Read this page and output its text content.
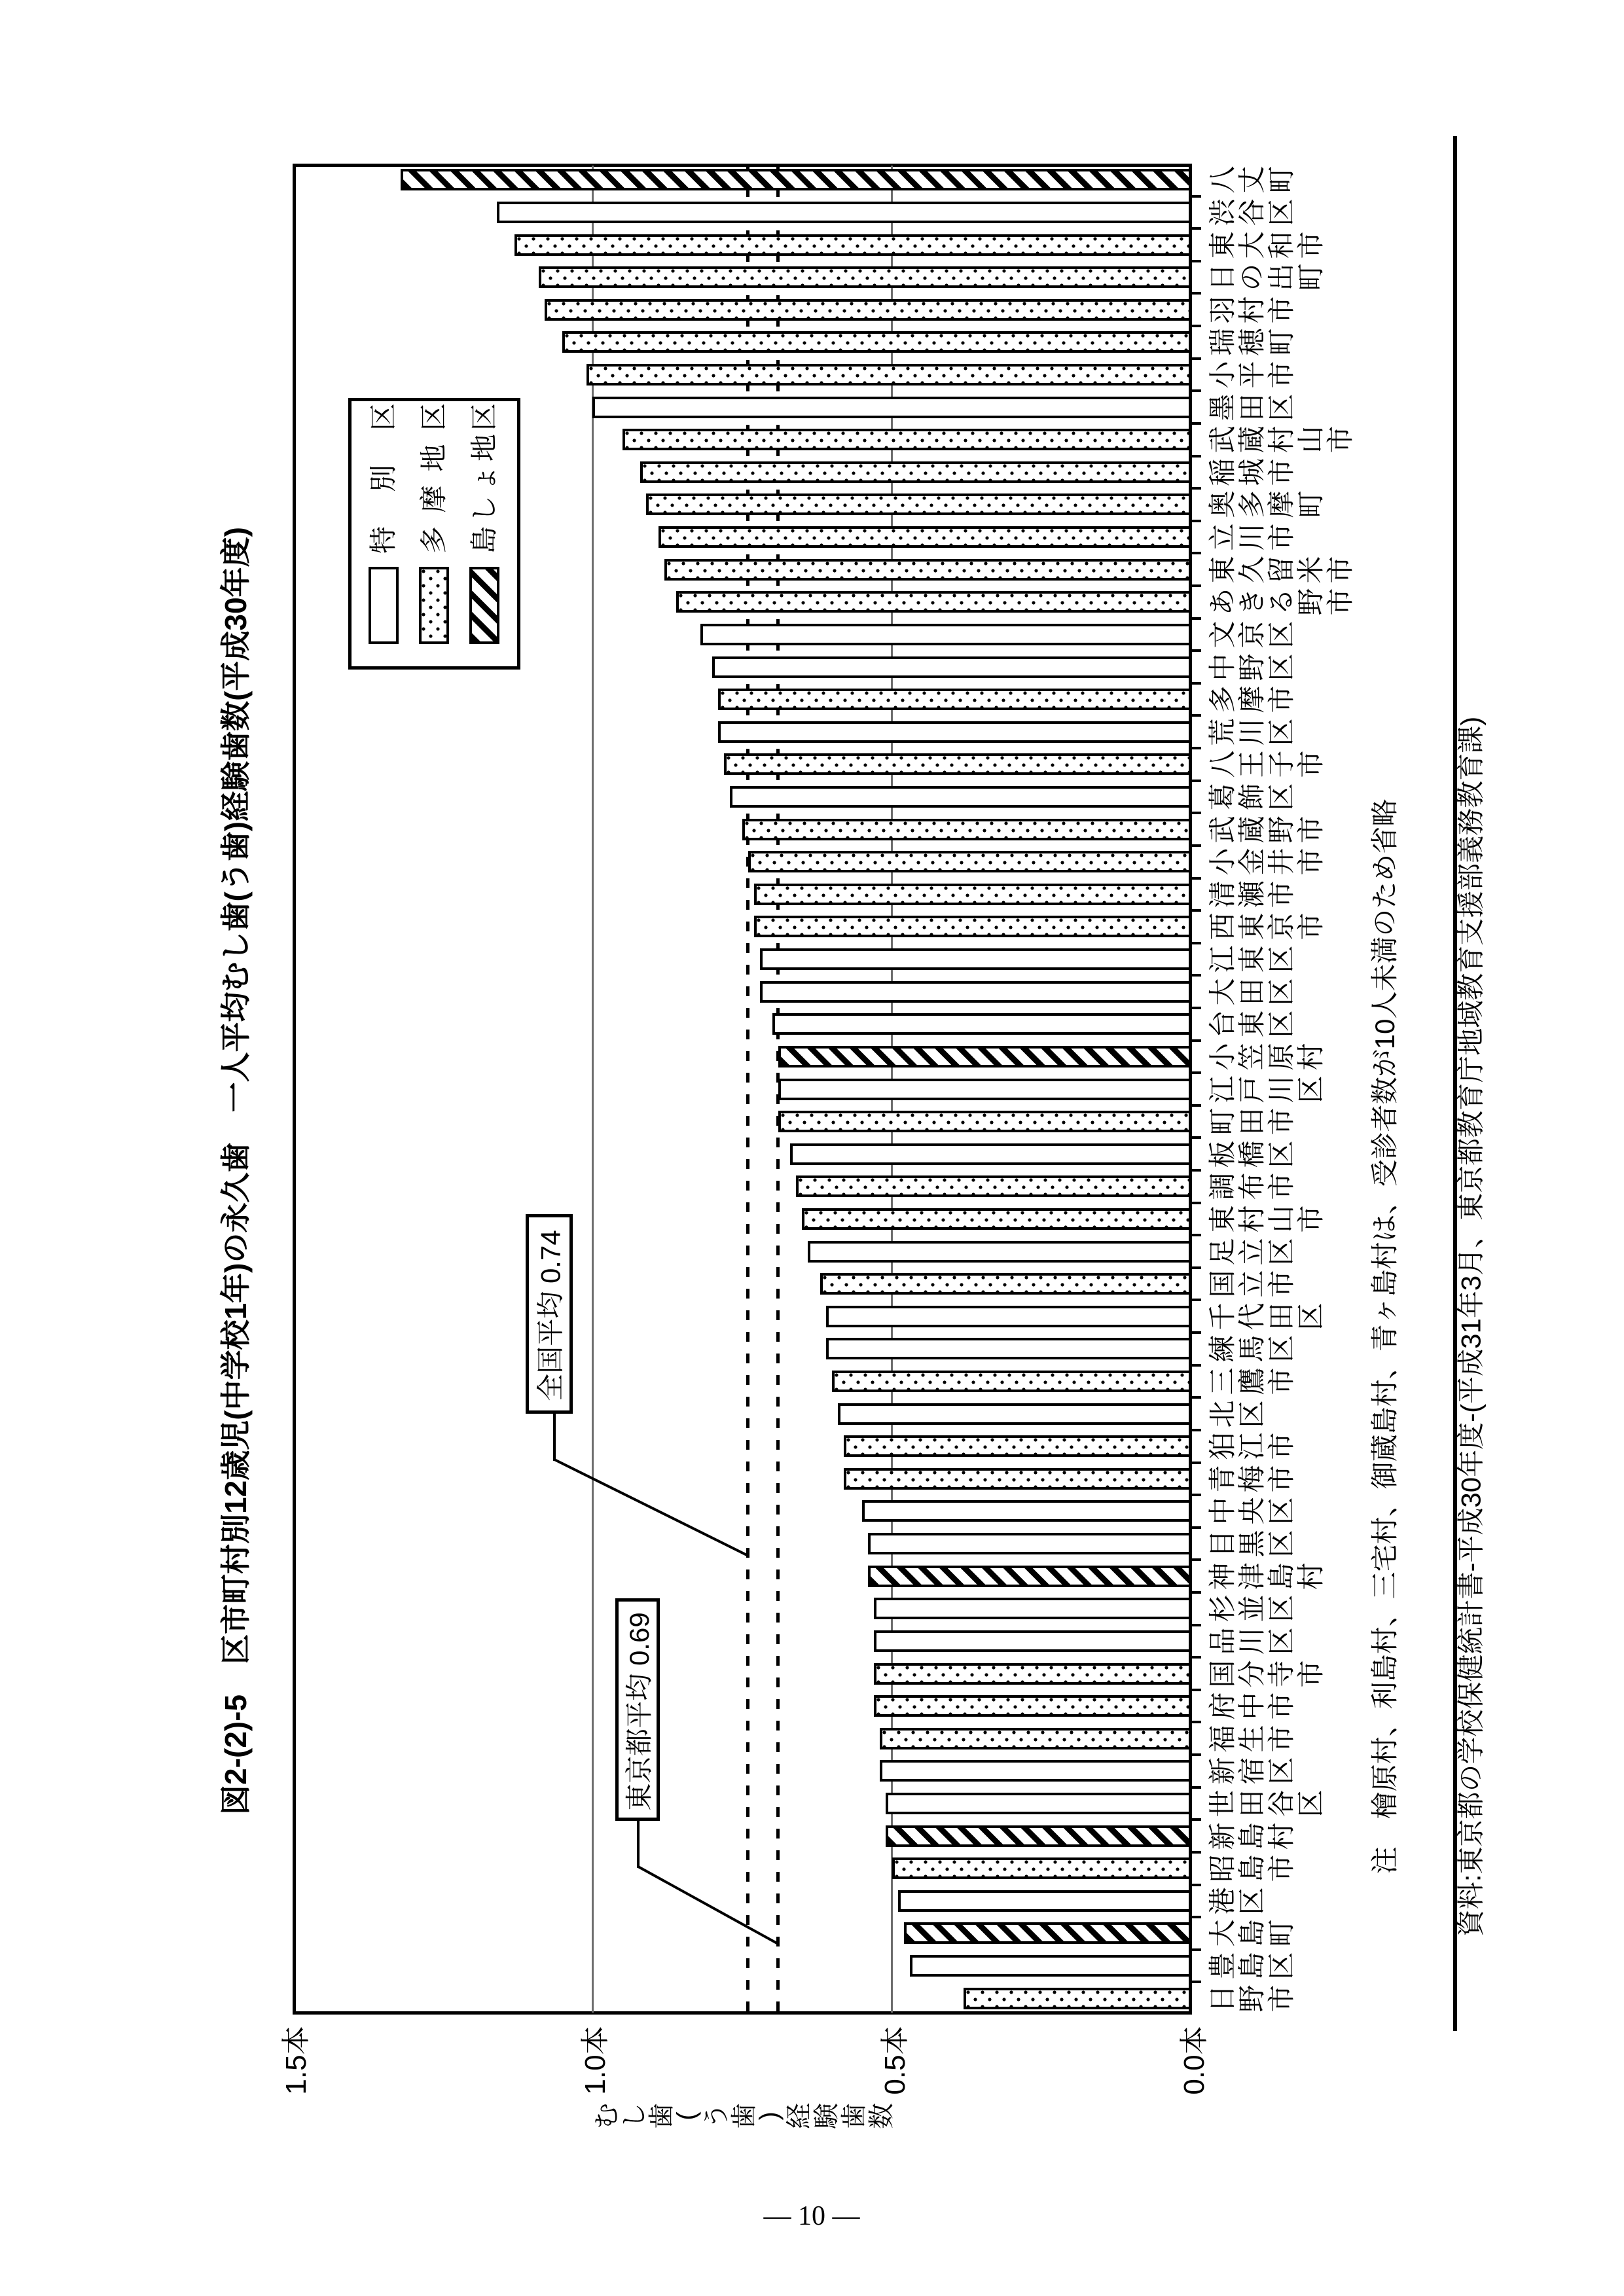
図2-(2)-5　区市町村別12歳児(中学校1年)の永久歯　一人平均むし歯(う歯)経験歯数(平成30年度)
八
丈
町
渋
谷
区
東
大
和
市
日
の
出
町
羽
村
市
瑞
穂
町
小
平
市
墨
田
区
武
蔵
村
山
市
稲
城
市
奥
多
摩
町
立
川
市
東
久
留
米
市
あ
き
る
野
市
文
京
区
中
野
区
多
摩
市
荒
川
区
八
王
子
市
葛
飾
区
武
蔵
野
市
小
金
井
市
清
瀬
市
西
東
京
市
江
東
区
大
田
区
台
東
区
小
笠
原
村
江
戸
川
区
町
田
市
板
橋
区
調
布
市
東
村
山
市
足
立
区
国
立
市
千
代
田
区
練
馬
区
三
鷹
市
北
区
狛
江
市
青
梅
市
中
央
区
目
黒
区
神
津
島
村
杉
並
区
品
川
区
国
分
寺
市
府
中
市
福
生
市
新
宿
区
世
田
谷
区
新
島
村
昭
島
市
港
区
大
島
町
豊
島
区
日
野
市
0.0本
0.5本
1.0本
1.5本
む
し
歯
( う
歯
) 経
験
歯
数
特別区 多摩地区 島しょ地区
全国平均 0.74
東京都平均 0.69	注　檜原村、利島村、三宅村、御蔵島村、青ヶ島村は、受診者数が10人未満のため省略 資料:東京都の学校保健統計書-平成30年度-(平成31年3月、東京都教育庁地域教育支援部義務教育課)
— 10 —
